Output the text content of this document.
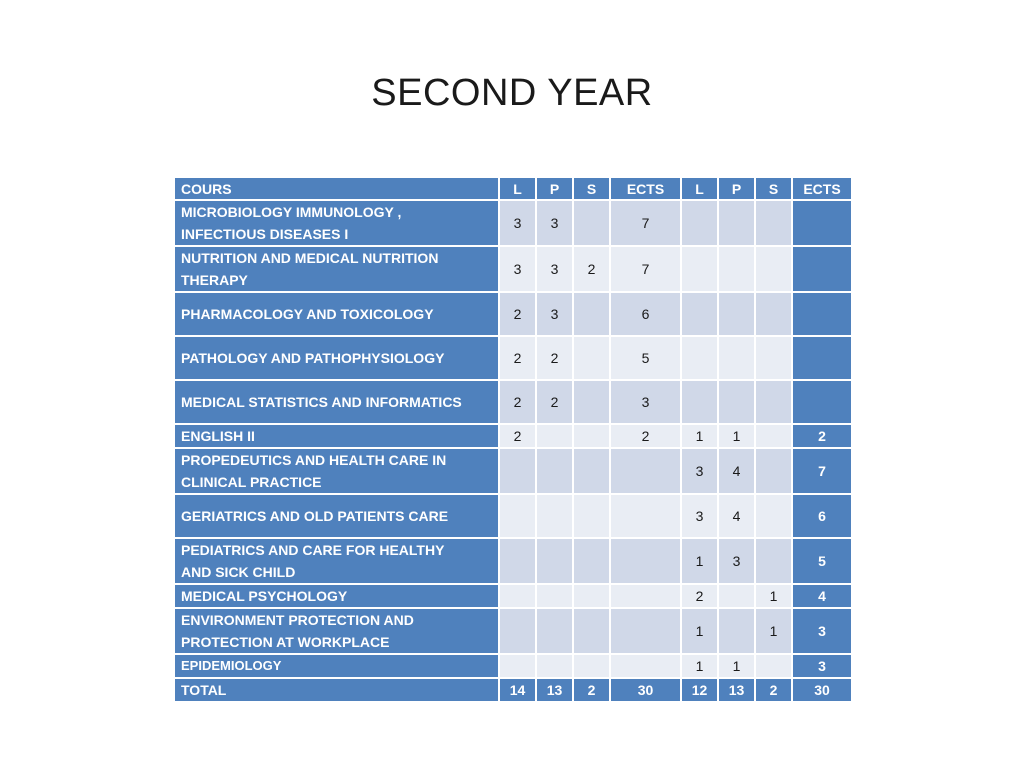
SECOND YEAR
COURS	L	P	S	ECTS	L	P	S	ECTS

MICROBIOLOGY IMMUNOLOGY ,
INFECTIOUS DISEASES I	3	3		7				

NUTRITION AND MEDICAL NUTRITION
THERAPY	3	3	2	7				

PHARMACOLOGY AND TOXICOLOGY	2	3		6				

PATHOLOGY AND PATHOPHYSIOLOGY	2	2		5				

MEDICAL STATISTICS AND INFORMATICS	2	2		3				

ENGLISH II	2			2	1	1		2

PROPEDEUTICS AND HEALTH CARE IN
CLINICAL PRACTICE					3	4		7

GERIATRICS AND OLD PATIENTS CARE					3	4		6

PEDIATRICS AND CARE FOR HEALTHY
AND SICK CHILD					1	3		5

MEDICAL PSYCHOLOGY					2		1	4

ENVIRONMENT PROTECTION AND
PROTECTION AT WORKPLACE					1		1	3

EPIDEMIOLOGY					1	1		3
TOTAL	14	13	2	30	12	13	2	30
